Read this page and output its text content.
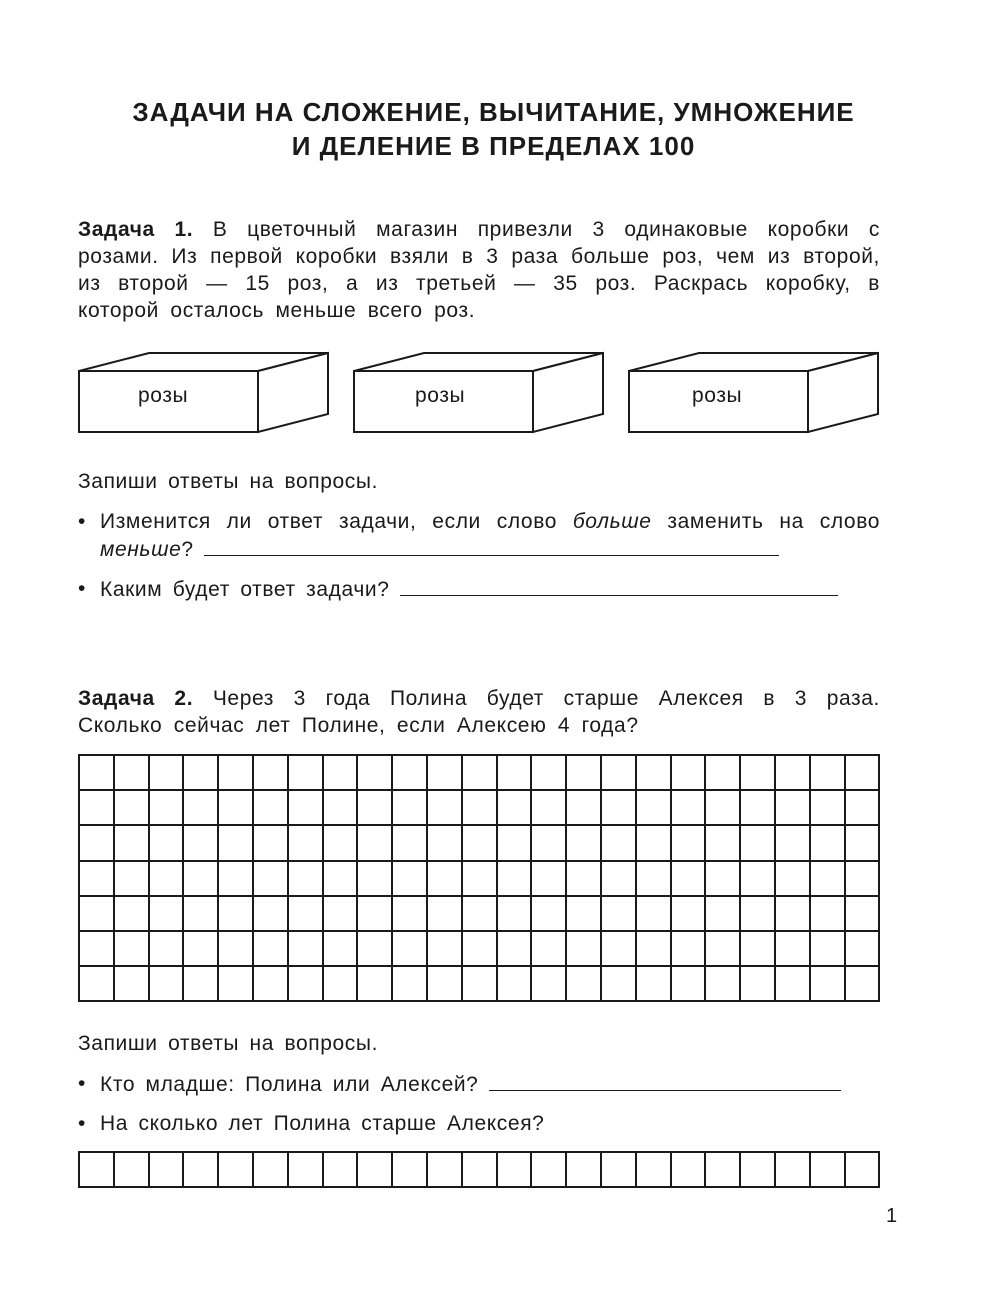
ЗАДАЧИ НА СЛОЖЕНИЕ, ВЫЧИТАНИЕ, УМНОЖЕНИЕ
И ДЕЛЕНИЕ В ПРЕДЕЛАХ 100
Задача 1. В цветочный магазин привезли 3 одинаковые коробки с розами. Из первой коробки взяли в 3 раза больше роз, чем из второй, из второй — 15 роз, а из третьей — 35 роз. Раскрась коробку, в которой осталось меньше всего роз.
розы	розы	розы
Запиши ответы на вопросы.
• Изменится ли ответ задачи, если слово больше заменить на слово меньше?
• Каким будет ответ задачи?
Задача 2. Через 3 года Полина будет старше Алексея в 3 раза. Сколько сейчас лет Полине, если Алексею 4 года?
Запиши ответы на вопросы.
• Кто младше: Полина или Алексей?
• На сколько лет Полина старше Алексея?
1
